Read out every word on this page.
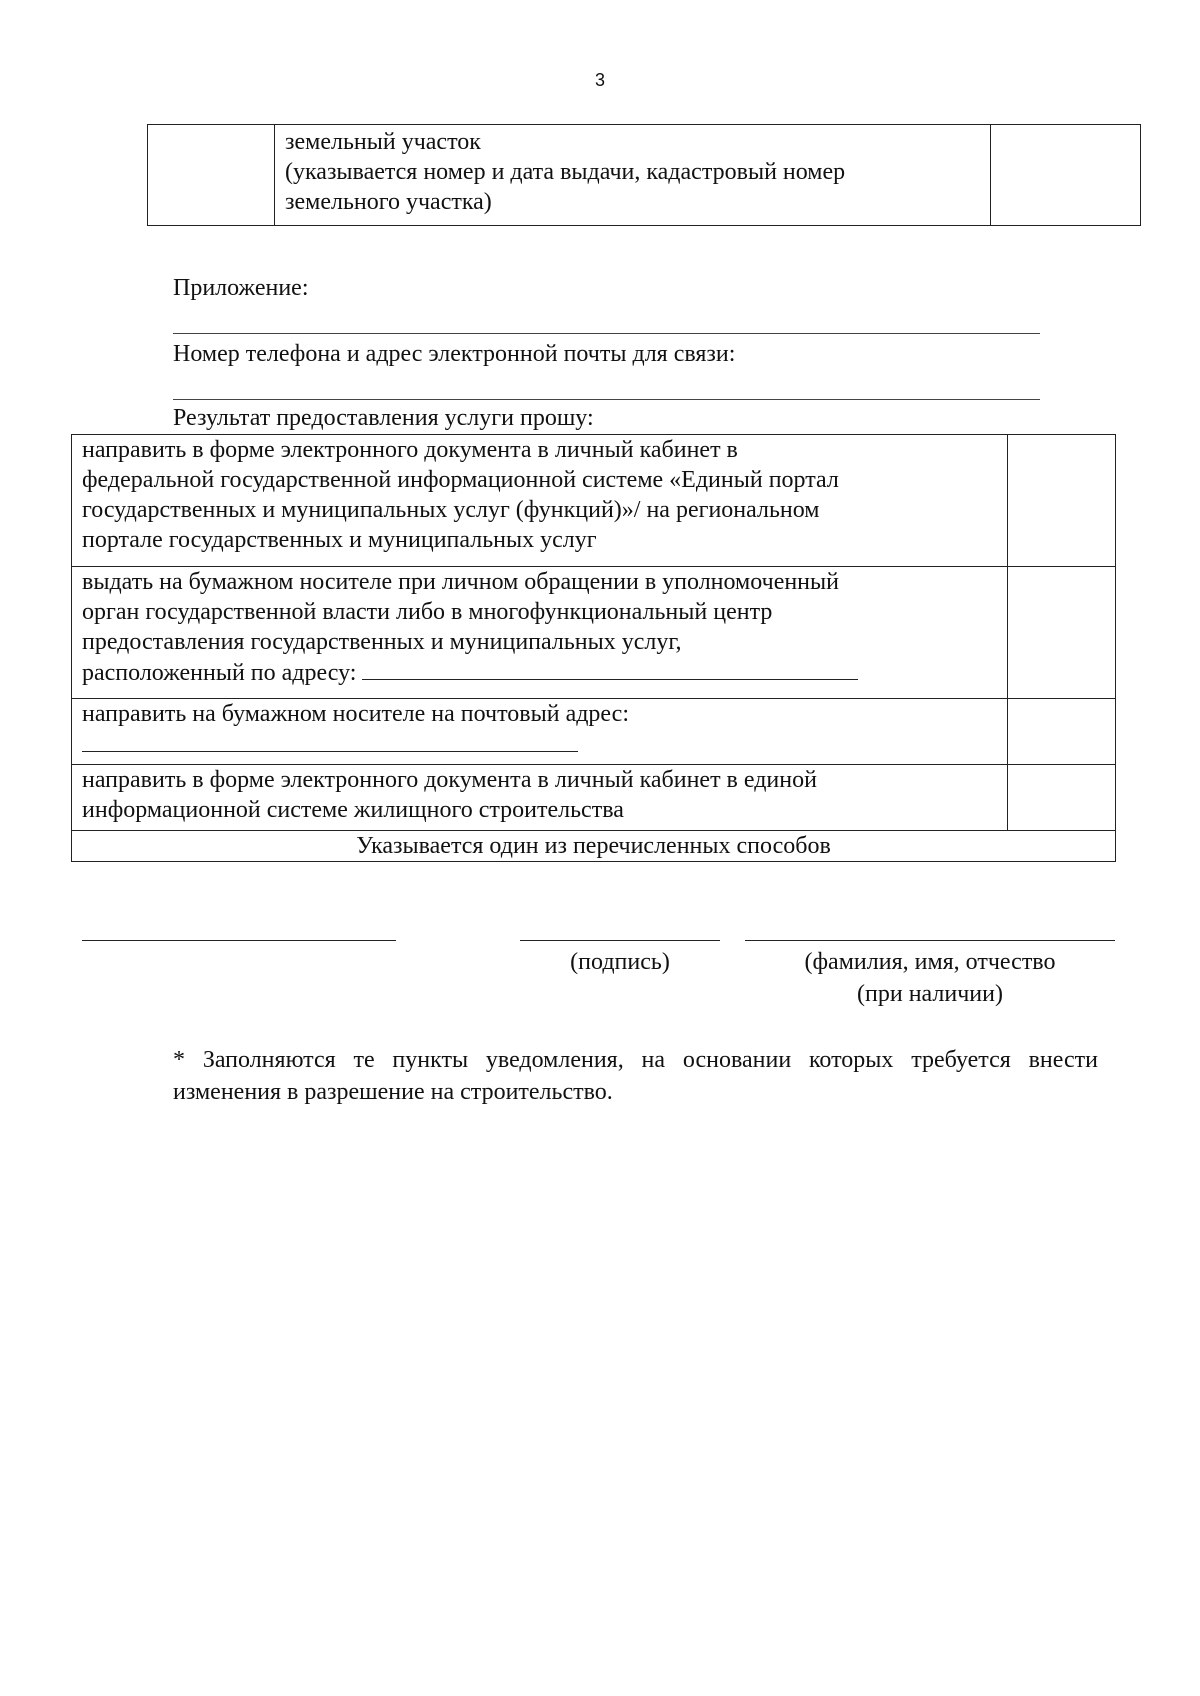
3

земельный участок
(указывается номер и дата выдачи, кадастровый номер
земельного участка)

Приложение:
Номер телефона и адрес электронной почты для связи:
Результат предоставления услуги прошу:
направить в форме электронного документа в личный кабинет в
федеральной государственной информационной системе «Единый портал
государственных и муниципальных услуг (функций)»/ на региональном
портале государственных и муниципальных услуг	

выдать на бумажном носителе при личном обращении в уполномоченный
орган государственной власти либо в многофункциональный центр
предоставления государственных и муниципальных услуг,
расположенный по адресу:	

направить на бумажном носителе на почтовый адрес:	

направить в форме электронного документа в личный кабинет в единой
информационной системе жилищного строительства	

Указывается один из перечисленных способов	
(подпись)	(фамилия, имя, отчество
(при наличии)
* Заполняются те пункты уведомления, на основании которых требуется внести изменения в разрешение на строительство.
